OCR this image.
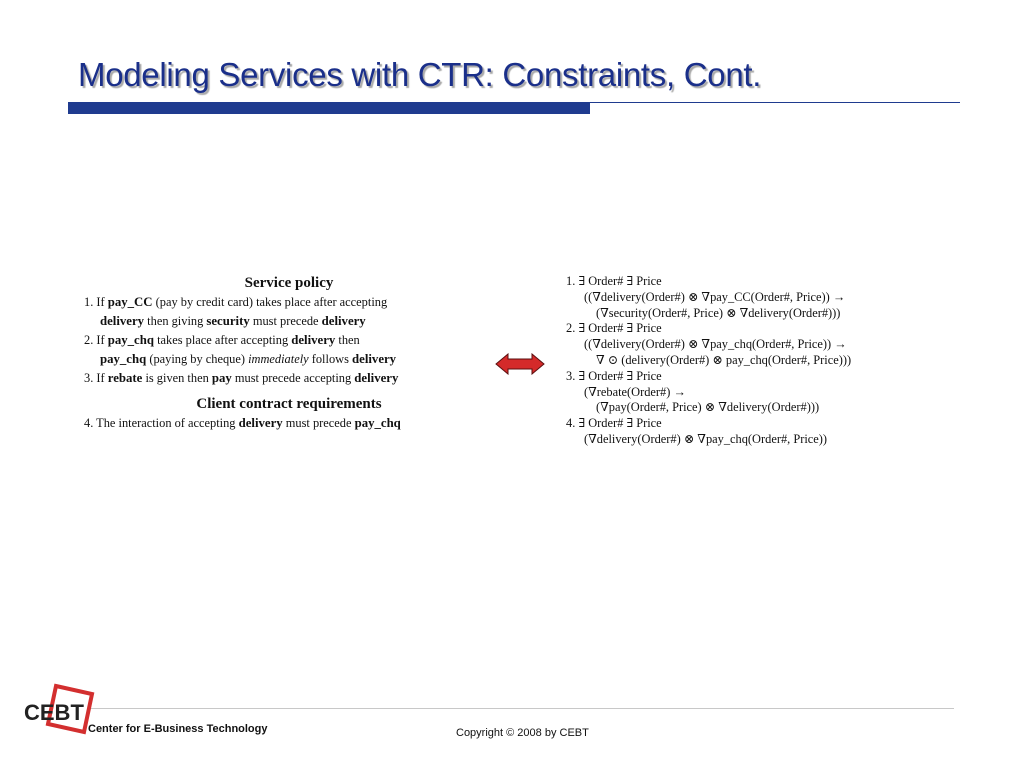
Modeling Services with CTR: Constraints, Cont.
Service policy
1. If pay_CC (pay by credit card) takes place after accepting
delivery then giving security must precede delivery
2. If pay_chq takes place after accepting delivery then
pay_chq (paying by cheque) immediately follows delivery
3. If rebate is given then pay must precede accepting delivery
Client contract requirements
4. The interaction of accepting delivery must precede pay_chq
1. ∃ Order# ∃ Price
((∇delivery(Order#) ⊗ ∇pay_CC(Order#, Price)) →
(∇security(Order#, Price) ⊗ ∇delivery(Order#)))
2. ∃ Order# ∃ Price
((∇delivery(Order#) ⊗ ∇pay_chq(Order#, Price)) →
∇ ⊙ (delivery(Order#) ⊗ pay_chq(Order#, Price)))
3. ∃ Order# ∃ Price
(∇rebate(Order#) →
(∇pay(Order#, Price) ⊗ ∇delivery(Order#)))
4. ∃ Order# ∃ Price
(∇delivery(Order#) ⊗ ∇pay_chq(Order#, Price))
CEBT
Center for E-Business Technology	Copyright © 2008 by CEBT
